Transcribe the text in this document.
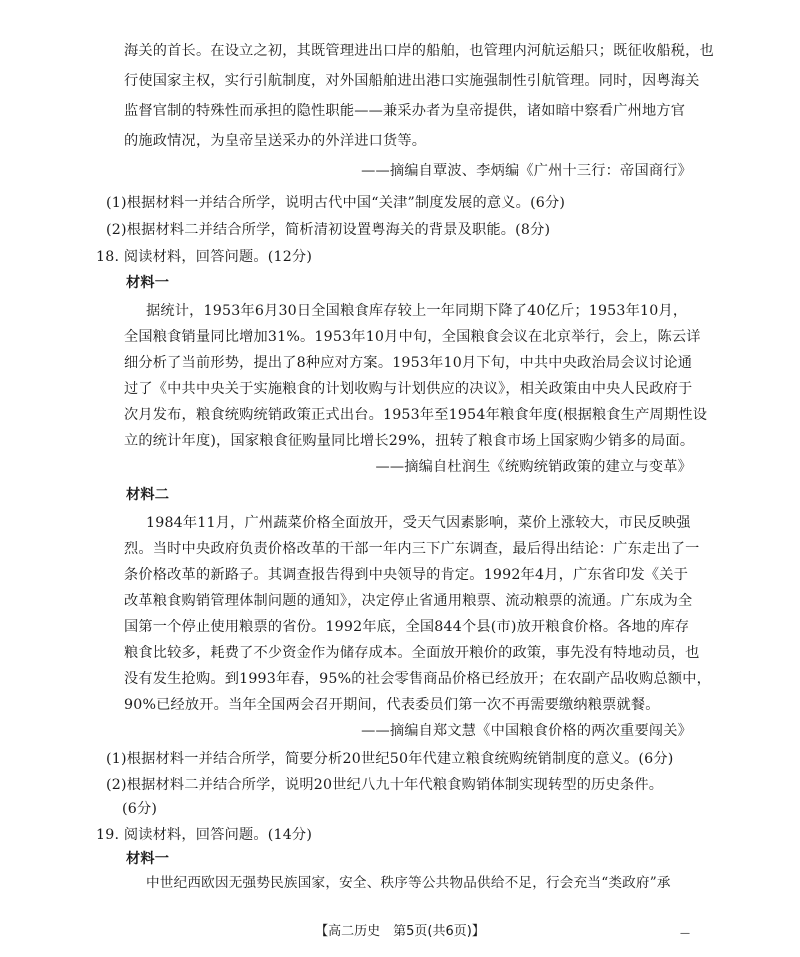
海关的首长。在设立之初，其既管理进出口岸的船舶，也管理内河航运船只；既征收船税，也
行使国家主权，实行引航制度，对外国船舶进出港口实施强制性引航管理。同时，因粤海关
监督官制的特殊性而承担的隐性职能——兼采办者为皇帝提供，诸如暗中察看广州地方官
的施政情况，为皇帝呈送采办的外洋进口货等。
——摘编自覃波、李炳编《广州十三行：帝国商行》
(1)根据材料一并结合所学，说明古代中国“关津”制度发展的意义。(6分)
(2)根据材料二并结合所学，简析清初设置粤海关的背景及职能。(8分)
18. 阅读材料，回答问题。(12分)
材料一
据统计，1953年6月30日全国粮食库存较上一年同期下降了40亿斤；1953年10月，
全国粮食销量同比增加31%。1953年10月中旬，全国粮食会议在北京举行，会上，陈云详
细分析了当前形势，提出了8种应对方案。1953年10月下旬，中共中央政治局会议讨论通
过了《中共中央关于实施粮食的计划收购与计划供应的决议》，相关政策由中央人民政府于
次月发布，粮食统购统销政策正式出台。1953年至1954年粮食年度(根据粮食生产周期性设
立的统计年度)，国家粮食征购量同比增长29%，扭转了粮食市场上国家购少销多的局面。
——摘编自杜润生《统购统销政策的建立与变革》
材料二
1984年11月，广州蔬菜价格全面放开，受天气因素影响，菜价上涨较大，市民反映强
烈。当时中央政府负责价格改革的干部一年内三下广东调查，最后得出结论：广东走出了一
条价格改革的新路子。其调查报告得到中央领导的肯定。1992年4月，广东省印发《关于
改革粮食购销管理体制问题的通知》，决定停止省通用粮票、流动粮票的流通。广东成为全
国第一个停止使用粮票的省份。1992年底，全国844个县(市)放开粮食价格。各地的库存
粮食比较多，耗费了不少资金作为储存成本。全面放开粮价的政策，事先没有特地动员，也
没有发生抢购。到1993年春，95%的社会零售商品价格已经放开；在农副产品收购总额中，
90%已经放开。当年全国两会召开期间，代表委员们第一次不再需要缴纳粮票就餐。
——摘编自郑文慧《中国粮食价格的两次重要闯关》
(1)根据材料一并结合所学，简要分析20世纪50年代建立粮食统购统销制度的意义。(6分)
(2)根据材料二并结合所学，说明20世纪八九十年代粮食购销体制实现转型的历史条件。
(6分)
19. 阅读材料，回答问题。(14分)
材料一
中世纪西欧因无强势民族国家，安全、秩序等公共物品供给不足，行会充当“类政府”承
【高二历史　第5页(共6页)】	—
